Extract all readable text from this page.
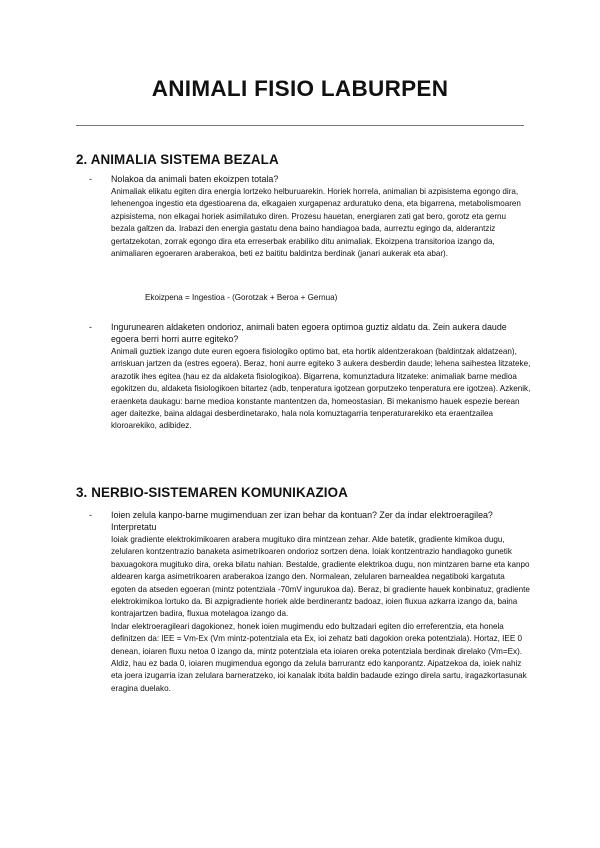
ANIMALI FISIO LABURPEN
2. ANIMALIA SISTEMA BEZALA
- Nolakoa da animali baten ekoizpen totala?

Animaliak elikatu egiten dira energia lortzeko helburuarekin. Horiek horrela, animalian bi azpisistema egongo dira, lehenengoa ingestio eta dgestioarena da, elkagaien xurgapenaz arduratuko dena, eta bigarrena, metabolismoaren azpisistema, non elkagai horiek asimilatuko diren. Prozesu hauetan, energiaren zati gat bero, gorotz eta gernu bezala galtzen da. Irabazi den energia gastatu dena baino handiagoa bada, aurreztu egingo da, alderantziz gertatzekotan, zorrak egongo dira eta erreserbak erabiliko ditu animaliak. Ekoizpena transitorioa izango da, animaliaren egoeraren araberakoa, beti ez baititu baldintza berdinak (janari aukerak eta abar).

Ekoizpena = Ingestioa - (Gorotzak + Beroa + Gernua)
- Ingurunearen aldaketen ondorioz, animali baten egoera optimoa guztiz aldatu da. Zein aukera daude egoera berri horri aurre egiteko?

Animali guztiek izango dute euren egoera fisiologiko optimo bat, eta hortik aldentzerakoan (baldintzak aldatzean), arriskuan jartzen da (estres egoera). Beraz, honi aurre egiteko 3 aukera desberdin daude; lehena saihestea litzateke, arazotik ihes egitea (hau ez da aldaketa fisiologikoa). Bigarrena, komunztadura litzateke: animaliak barne medioa egokitzen du, aldaketa fisiologikoen bitartez (adb, tenperatura igotzean gorputzeko tenperatura ere igotzea). Azkenik, eraenketa daukagu: barne medioa konstante mantentzen da, homeostasian. Bi mekanismo hauek espezie berean ager daitezke, baina aldagai desberdinetarako, hala nola komuztagarria tenperaturarekiko eta eraentzailea kloroarekiko, adibidez.

3. NERBIO-SISTEMAREN KOMUNIKAZIOA
- Ioien zelula kanpo-barne mugimenduan zer izan behar da kontuan? Zer da indar elektroeragilea? Interpretatu

Ioiak gradiente elektrokimikoaren arabera mugituko dira mintzean zehar. Alde batetik, gradiente kimikoa dugu, zelularen kontzentrazio banaketa asimetrikoaren ondorioz sortzen dena. Ioiak kontzentrazio handiagoko gunetik baxuagokora mugituko dira, oreka bilatu nahian. Bestalde, gradiente elektrikoa dugu, non mintzaren barne eta kanpo aldearen karga asimetrikoaren araberakoa izango den. Normalean, zelularen barnealdea negatiboki kargatuta egoten da atseden egoeran (mintz potentziala -70mV ingurukoa da). Beraz, bi gradiente hauek konbinatuz, gradiente elektrokimikoa lortuko da. Bi azpigradiente horiek alde berdinerantz badoaz, ioien fluxua azkarra izango da, baina kontrajartzen badira, fluxua motelagoa izango da.

Indar elektroeragileari dagokionez, honek ioien mugimendu edo bultzadari egiten dio erreferentzia, eta honela definitzen da: IEE = Vm-Ex (Vm mintz-potentziala eta Ex, ioi zehatz bati dagokion oreka potentziala). Hortaz, IEE 0 denean, ioiaren fluxu netoa 0 izango da, mintz potentziala eta ioiaren oreka potentziala berdinak direlako (Vm=Ex). Aldiz, hau ez bada 0, ioiaren mugimendua egongo da zelula barrurantz edo kanporantz. Aipatzekoa da, ioiek nahiz eta joera izugarria izan zelulara barneratzeko, ioi kanalak itxita baldin badaude ezingo direla sartu, iragazkortasunak eragina duelako.
